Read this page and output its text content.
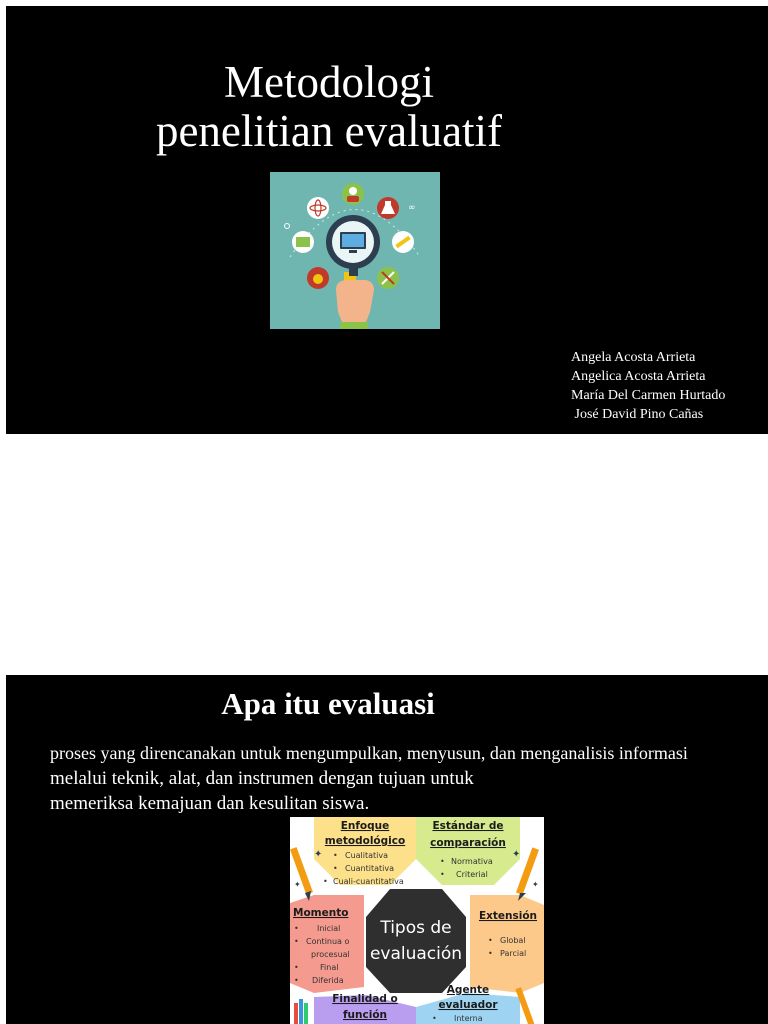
Metodologi
penelitian evaluatif
∞
Angela Acosta Arrieta
Angelica Acosta Arrieta
María Del Carmen Hurtado
José David Pino Cañas
Apa itu evaluasi
proses yang direncanakan untuk mengumpulkan, menyusun, dan menganalisis informasi
melalui teknik, alat, dan instrumen dengan tujuan untuk
memeriksa kemajuan dan kesulitan siswa.
✦	✦
✦	✦
Enfoque
metodológico
• Cualitativa
• Cuantitativa
• Cuali-cuantitativa
Estándar de
comparación
• Normativa
• Criterial
Momento
• Inicial
• Continua o
procesual
•	Final
• Diferida
Tipos de
evaluación
Extensión
• Global
• Parcial
Finalidad o
función
Agente
evaluador
• Interna
